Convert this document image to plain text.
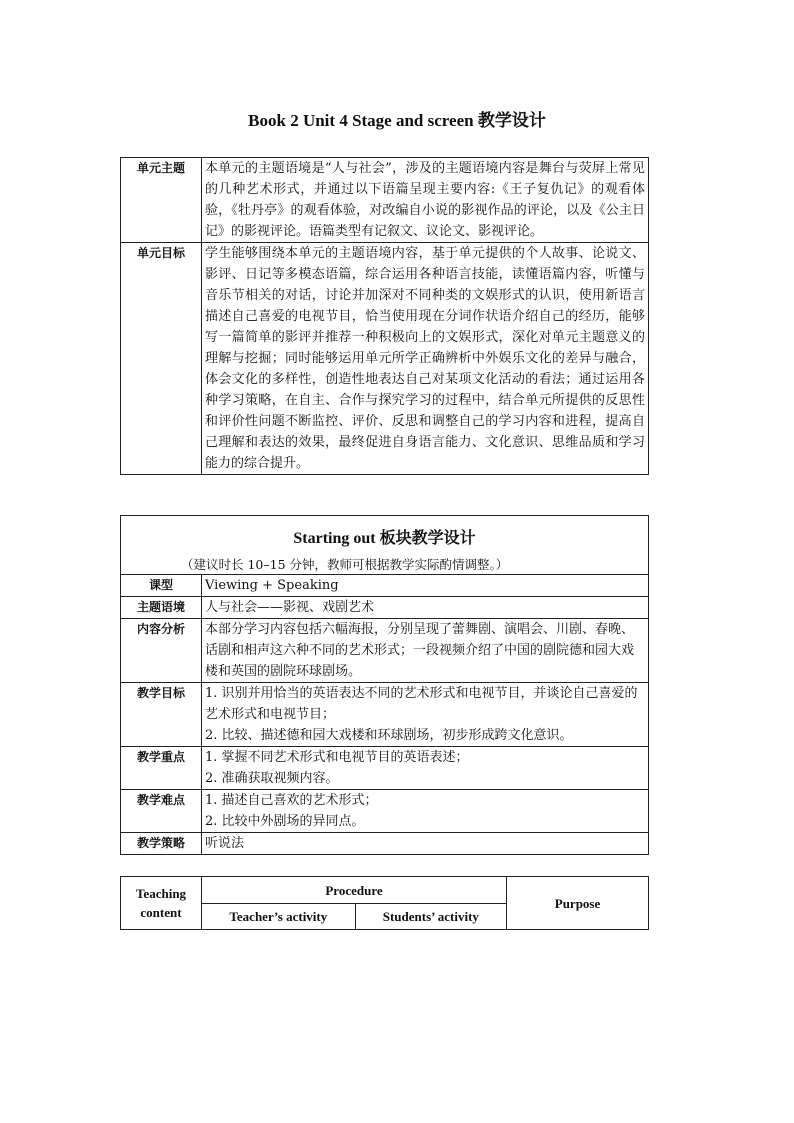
Book 2 Unit 4 Stage and screen 教学设计
单元主题	本单元的主题语境是“人与社会”，涉及的主题语境内容是舞台与荧屏上常见的几种艺术形式，并通过以下语篇呈现主要内容:《王子复仇记》的观看体验，《牡丹亭》的观看体验，对改编自小说的影视作品的评论，以及《公主日记》的影视评论。语篇类型有记叙文、议论文、影视评论。
单元目标	学生能够围绕本单元的主题语境内容，基于单元提供的个人故事、论说文、影评、日记等多模态语篇，综合运用各种语言技能，读懂语篇内容，听懂与音乐节相关的对话，讨论并加深对不同种类的文娱形式的认识，使用新语言描述自己喜爱的电视节目，恰当使用现在分词作状语介绍自己的经历，能够写一篇简单的影评并推荐一种积极向上的文娱形式，深化对单元主题意义的理解与挖掘；同时能够运用单元所学正确辨析中外娱乐文化的差异与融合，体会文化的多样性，创造性地表达自己对某项文化活动的看法；通过运用各种学习策略，在自主、合作与探究学习的过程中，结合单元所提供的反思性和评价性问题不断监控、评价、反思和调整自己的学习内容和进程，提高自己理解和表达的效果，最终促进自身语言能力、文化意识、思维品质和学习能力的综合提升。
Starting out 板块教学设计
（建议时长 10–15 分钟，教师可根据教学实际酌情调整。）	

课型	Viewing + Speaking

主题语境	人与社会——影视、戏剧艺术

内容分析	本部分学习内容包括六幅海报，分别呈现了蕾舞剧、演唱会、川剧、春晚、话剧和相声这六种不同的艺术形式；一段视频介绍了中国的剧院德和园大戏楼和英国的剧院环球剧场。

教学目标	1. 识别并用恰当的英语表达不同的艺术形式和电视节目，并谈论自己喜爱的艺术形式和电视节目；
2. 比较、描述德和园大戏楼和环球剧场，初步形成跨文化意识。

教学重点	1. 掌握不同艺术形式和电视节目的英语表述；
2. 准确获取视频内容。

教学难点	1. 描述自己喜欢的艺术形式；
2. 比较中外剧场的异同点。

教学策略	听说法
Teaching content	Procedure		Purpose
	Teacher’s activity	Students’ activity	
